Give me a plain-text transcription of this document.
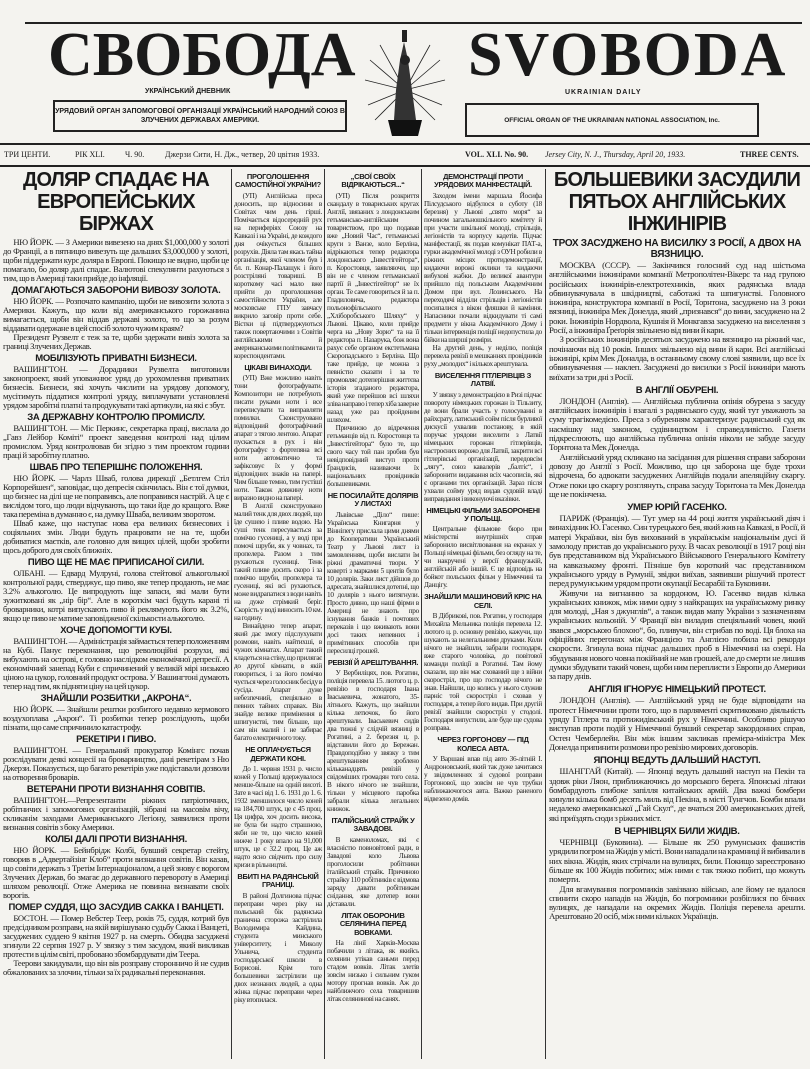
СВОБОДА
УКРАЇНСЬКИЙ ДНЕВНИК
SVOBODA
UKRAINIAN DAILY
УРЯДОВИЙ ОРГАН ЗАПОМОГОВОЇ ОРГАНІЗАЦІЇ УКРАЇНСЬКИЙ НАРОДНИЙ СОЮЗ В ЗЛУЧЕНИХ ДЕРЖАВАХ АМЕРИКИ.	OFFICIAL ORGAN OF THE UKRAINIAN NATIONAL ASSOCIATION, Inc.
ТРИ ЦЕНТИ.	РІК XLI.	Ч. 90.	Джерзи Сити, Н. Дж., четвер, 20 цвітня 1933.	VOL. XLI. No. 90. Jersey City, N. J., Thursday, April 20, 1933.	THREE CENTS.
ДОЛЯР СПАДАЄ НА ЕВРОПЕЙСЬКИХ БІРЖАХ

НЮ ЙОРК. — З Америки вивезено на днях $1,000,000 у золоті до Франції, а в пятницю вивезуть ще дальших $3,000,000 у золоті, щоби піддержати курс доляра в Европі. Покищо не видно, щоби це помагало, бо доляр далі спадає. Валютові спекулянти рахуються з тим, що в Америці таки прийде до інфляції.

ДОМАГАЮТЬСЯ ЗАБОРОНИ ВИВОЗУ ЗОЛОТА.

НЮ ЙОРК. — Розпочато кампанію, щоби не вивозити золота з Америки. Кажуть, що коли від американського горожанина вимагається, щоби він віддав державі золото, то що за розум віддавати одержане в цей спосіб золото чужим краям?

Президент Рузвелт є теж за те, щоби здержати вивіз золота за границі Злучених Держав.

МОБІЛІЗУЮТЬ ПРИВАТНІ БИЗНЕСИ.

ВАШИНГТОН. — Дорадники Рузвелта виготовили законопроект, який уповажнює уряд до урохомлення приватних бизнесів. Бизнеси, які хочуть числити на урядову допомогу, мусітимуть піддатися контролі уряду, виплачувати установлені урядом заробітні платні та продукувати такі артикули, на які є збут.

ЗА ДЕРЖАВНУ КОНТРОЛЮ ПРОМИСЛУ.

ВАШИНГТОН. — Міс Перкинс, секретарка праці, вислала до „Гавз Лейбор Комiтi“ проект заведення контролі над цілим промислом. Уряд контролював би згідно з тим проектом години праці й заробітну платню.

ШВАБ ПРО ТЕПЕРІШНЄ ПОЛОЖЕННЯ.

НЮ ЙОРК. — Чарлз Шваб, голова дирекції „Бетлгем Стіл Корпорейшен“, заповідає, що депресія скінчилась. Він є тої думки, що бизнес на ділі ще не поправивсь, але поправився настрій. А це є вислідом того, що люди відчувають, що таки йде до кращого. Вже така переміна в думанню є, на думку Шваба, великим зворотом.

Шваб каже, що наступає нова ера великих бизнесових і соціяльних змін. Люди будуть працювати не на те, щоби добиватися маєтків, але головно для вищих цілей, щоби зробити щось доброго для своїх ближніх.

ПИВО ЩЕ НЕ МАЄ ПРИПИСАНОЇ СИЛИ.

ОЛБАНІ. — Едвард Мулруні, голова стейтової алькогольної контрольної ради, стверджує, що пиво, яке тепер продають, не має 3.2% алькоголю. Це випродують іще запаси, які мали бути зужитковані як „нір бір“. Але в короткім часі будуть карані ті броварники, котрі випускають пиво й реклямують його як 3.2%, якщо це пиво не матиме заповідженої скількости алькоголю.

ХОЧЕ ДОПОМОГТИ КУБІ.

ВАШИНГТОН. — Адміністрація займається тепер положенням на Кубі. Панує переконання, що революційні розрухи, які вибухають на острові, є головно наслідком економічної депресії. А економічний занепад Куби є спричинений у великій мірі низькою ціною на цукор, головний продукт острова. У Вашингтоні думають тепер над тим, як підняти ціну на цей цукор.

ЗНАЙШЛИ РОЗБИТКИ „АКРОНА“.

НЮ ЙОРК. — Знайшли рештки розбитого недавно кермового воздухоплава „Акрон“. Ті розбитки тепер розслідують, щоби пізнати, що саме спричинило катастрофу.

РЕКЕТІРИ І ПИВО.

ВАШИНГТОН. — Генеральний прокуратор Комінгс почав розслідувати деякі концесії на броварництво, дані рекетірам з Ню Джерзи. Показується, що багато рекетірів уже подіставали дозволи на отворення броварів.

ВЕТЕРАНИ ПРОТИ ВИЗНАННЯ СОВІТІВ.

ВАШИНГТОН.—Репрезентанти ріжних патріотичних, робітничих і запомогових організацій, зібрані на масовім вічу, скликанім заходами Американського Легіону, заявилися проти визнання совітів з боку Америки.

КОЛБІ ДАЛІ ПРОТИ ВИЗНАННЯ.

НЮ ЙОРК. — Бейнбрідж Колбі, бувший секретар стейту, говорив в „Адвертайзінг Клоб“ проти визнання совітів. Він казав, що совіти держать з Третім Інтернаціоналом, а цей знову є ворогом Злучених Держав, бо змагає до державного перевороту в Америці шляхом революції. Отже Америка не повинна визнавати своїх ворогів.

ПОМЕР СУДДЯ, ЩО ЗАСУДИВ САККА І ВАНЦЕТІ.

БОСТОН. — Помер Вебстер Теер, років 75, суддя, котрий був предсідником розправи, на якій вирішувано судьбу Сакка і Ванцеті, засуджених суддею 9 квітня 1927 р. на смерть. Обидва засуджені згинули 22 серпня 1927 р. У звязку з тим засудом, який викликав протести в цілім світі, пробовано збомбардувати дім Теера.

Теерови закидували, що він вів розправу сторонничо й не судив обжалованих за злочин, тільки за їх радикальні переконання.

ПРОГОЛОШЕННЯ САМОСТІЙНОЇ УКРАЇНИ?

(УП) Англійська преса доносить, що відносини в Совітах чим день гірші. Помічається відосередній рух на периферіях Союзу на Кавказі і на Україні, де кождого дня очікується більших розрухів. Діяла там якась тайна організація, якої членом був і бл. п. Конар-Палащук і його розстріляні товариші. В короткому часі мало вже прийти до проголошення самостійности України, але московське ГПУ завчасу викрило заговір проти себе. Вістки ці підтверджуються також повертаючими з Совітів англійськими й американськими політиками та кореспондентами.

ЦІКАВІ ВИНАХОДИ.

(УП) Вже можливо навіть тони фотографувати. Композитори не потребують писати руками ноти і все переписувати та виправляти помилки. Сконструовано відповідний фотографічний апарат з тягою лентою. Апарат пускається в рух і він фотографує з фортепяна всі ноти автоматично та зафіксовує їх у формі відповідних знаків на папері. Чим більше темно, тим густіші ноти. Також довжину ноти виразно видно на папері.

В Англії сконструовано малий тенк для двох людей, що їде сушею і пливе водою. На суші тенк пересувається за помічю гусениці, а у воді при помочі шруби, як у човнах, та пропелера. Разом з тим рухаються гусениці. Тенк такий пливе досить скоро і за помічю шруби, пропелера та гусениці, які всі рухаються, може видрапатися з води навіть на дуже стрімкий беріг. Скорість у воді виносить 10 км. на годину.

Винайдено тепер апарат, який дає змогу підслухувати розмови, навіть найтихші, в чужих кімнатах. Апарат такий кладеться на стіну, що прилягає до другої кімнати, в якій говориться, і за його помічю чується через голосник бесіду в сусіда. Апарат дуже небезпечний, спеціяльно в певних тайних справах. Він знайде велике примінення в шпигунстві, тим більше, що сам він малий і не забирає багато електричного току.

НЕ ОПЛАЧУЄТЬСЯ ДЕРЖАТИ КОНІ.

До 1. червня 1931 р. число коней у Польщі вдержувалося менше-більше на одній висоті. Зате в часі від 1. 6. 1931 до 1. 6. 1932 зменшилося число коней на 184,700 штук, це є 45 проц. Ця цифра, хоч досить висока, не була би надто страшною, якби не те, що число коней нижче 1 року впало на 91,000 штук, це є 32.2 проц. Це аж надто ясно свідчить про силу кризи в рільництві.

ВБИТІ НА РАДЯНСЬКІЙ ГРАНИЦІ.

В районі Долгинова підчас переправи через ріку на польський бік радянська гранична сторожа застрілила Володимира Кайдина, студента минського університету, і Миколу Ульнича, студента господарської школи в Борисові. Крім того большевики застрілили ще двох незнаних людей, а одна жінка підчас переправи через ріку втопилася.

„СВОЇ СВОЇХ ВІДРІКАЮТЬСЯ...“

(УП) Після розкриття скандалу в товариських кругах Англії, звязаних з лондонським гетьмансько-англійським товариством, про що подавав вже „Новий Час“, гетьманські круги з Ванзе, коло Берліна, відрікаються тепер редактора лондонського „Інвестігейтора“, п. Коростовця, заявляючи, що він не є членом гетьманської партії й „Інвестігейтор“ не їх орган. Те саме говориться й за п. Гладиловича, редактора польонофільського „Хліборобського Шляху“ у Львові. Цікаво, коли прийде черга на „Нову Зорю“ та на її редактора п. Назарука, бож вона рахує себе органом екстетьмана Скоропадського з Берліна. Що таке прийде, це можна з певністю сказати і за те промовляє дотеперішня життєва історія згаданого редактора, який уже перейшов всі шляхи зліва направо і тепер хіба заверне назад уже раз пройденим шляхом.

Причиною до відречення гетьманців від п. Коростовця та „Інвестігейтора“ було те, що свого часу той пан зробив був невідповідний виступ проти Ґрaндисів, називаючи їх національних провідників большевиками.

НЕ ПОСИЛАЙТЕ ДОЛЯРІВ У ЛИСТАХ!

Львівське „Діло“ пише: Українська Книгарня у Вінніпегу прислала цими днями до Кооперативи Український Театр у Львові лист із замовленням, щоби вислати їм ріжні драматичні твори. У коверті з марками 5 центів було 10 долярів. Заки лист дійшов до адресата, знайшлися дотепні, що 10 долярів з нього витягнули. Просто дивно, що наші фірми в Америці не знають про існування банків і почтових переказів і що вживають вони досі таких непевних і примітивних способів при пересилці грошей.

РЕВІЗІЇ Й АРЕШТУВАННЯ.

У Вербиліцях, пов. Рогатин, поліція перевела 15. лютого ц. р. ревізію в господаря Івана Іваськевича, жонатого, 35-літнього. Кажуть, що знайшли кілька летючок, бо його арештували. Іваськевич сидів два тижні у слідчій вязниці в Рогатині, а 2. березня ц. р. відставили його до Бережан. Правдоподібно у звязку з тим арештуванням зроблено кільканадцять ревізій у свідоміших громадян того села. В нікого нічого не знайшли, тільки у місцевого паробка забрали кілька легальних книжок.

ІТАЛІЙСЬКИЙ СТРАЙК У ЗАВАДОВІ.

В каменоломах, які є власністю повновітової ради, в Завадові коло Львова проголосили робітники італійський страйк. Причиною страйку 110 робітників є відмова заряду давати робітникам снідання, яке дотепер вони діставали.

ЛІТАК ОБОРОНИВ СЕЛЯНИНА ПЕРЕД ВОВКАМИ.

На лінії Харків-Москва побачили з літака, як якийсь селянин утікав саньми перед стадом вовків. Літак злетів зовсім низько і сильним гуком мотору прогнав вовків. Аж до найближчого села товаришив літак селянинові на санях.

ДЕМОНСТРАЦІЇ ПРОТИ УРЯДОВИХ МАНІФЕСТАЦІЙ.

Заходом імени маршала Йосифа Пілсудського відбулося в суботу (18 березня) у Львові „свято моря“ за почином загальношкільного комітету й при участи шкільної молоді, стрільців, легіоністів та корпусу кадетів. Підчас манiфестації, як подав комунікат ПАТ-а, гурки академічної молоді з ОУН робили в ріжних місцях протидемонстрації, кидаючи ворожі оклики та кидаючи вибухові жабки. До великої авантури прийшло під польським Академічним Домом при вул. Лозинського. На переходячі відділи стрільців і легіоністів посипалися з вікон фляшки й каміння. Напасники почали відкидувати ті самі предмети у вікна Академічного Дому і тільки інтервенція поліції недопустила до бійки на ширші розміри.

На другий день, у неділю, поліція перевела ревізії в мешканнях провідників руху „молодих“ і кількох арештувала.

ВИСЕЛЕННЯ ГІТЛЕРІВЦІВ З ЛАТВІЇ.

У звязку з демонстрацією в Ризі підчас повороту німецьких горожан із Тільзиту, де вони брали участь у голосуванні в райхсрату, латиський сойм після бурливої дискусії ухвалив постанову, в якій поручає урядови виселити з Латвії німецьких горожан гітлерівців, настроєних ворожо для Латвії, закрити всі гітлерівські організації, передовсім „лягу“, союз кавалерів „балтіс“, і заборонити видавання всіх часописів, які є органами тих організацій. Зараз після ухвали сойму уряд видав судовій владі виправдання і виконуючі вказівки.

НІМЕЦЬКІ ФІЛЬМИ ЗАБОРОНЕНІ У ПОЛЬЩІ.

Центральне фільмове бюро при міністерстві внутрішніх справ заборонило висвітлювання на екранах у Польщі німецькі фільми, без огляду на те, чи накручені у версії французькій, англійській або іншій. Є це відповідь на бойкот польських фільм у Німеччині та Данцігу.

ЗНАЙШЛИ МАШИНОВИЙ КРІС НА СЕЛІ.

В Дібрикові, пов. Рогатин, у господаря Михайла Мельника поліція перевела 12. лютого ц. р. основну ревізію, кажучи, що шукають за нелегальними друками. Коли нічого не знайшли, забрали господаря, вже старого чоловіка, до повітової команди поліції в Рогатині. Там йому сказали, що він має схований ще з війни скоростріл, про що господар нічого не знав. Найшли, що колись у нього служив парніс той скоростріл і сховав у господаря, а тепер його видав. При другій ревізії знайшли скоростріл у стодолі. Господаря випустили, але буде ще судова розправа.

ЧЕРЕЗ ГОРГОНОВУ — ПІД КОЛЕСА АВТА.

У Варшаві впав під авто 36-літній І. Андроновський, який так дуже зачитався у звідомленнях зі судової розправи Горгонової, що зовсім не чув трубки наближаючогося авта. Важко раненого відвезено домів.

БОЛЬШЕВИКИ ЗАСУДИЛИ ПЯТЬОХ АНГЛІЙСЬКИХ ІНЖИНІРІВ
ТРОХ ЗАСУДЖЕНО НА ВИСИЛКУ З РОСІЇ, А ДВОХ НА ВЯЗНИЦЮ.

МОСКВА (СССР). — Закінчився голосний суд над шістьома англійськими інжинірами компанії Метрополітен-Вікерс та над групою російських інжинірів-електротехників, яких радянська влада обвинувачувала в шкідництві, саботажі та шпигунстві. Головного інжиніра, конструктора компанії в Росії, Торнтона, засуджено на 3 роки вязниці, інжиніра Мек Донелда, який „признався“ до вини, засуджено на 2 роки. Інжинірів Нордвола, Кушнія й Монкгавза засуджено на виселення з Росії, а інжиніра Ґреґорія звільнено від вини й кари.

З російських інжинірів десятьох засуджено на вязницю на ріжний час, почінаючи від 10 років. Інших звільнено від вини й кари. Всі англійські інжинірі, крім Мек Доналда, в останньому свому слові заявили, що все їх обвинувачення — наклеп. Засуджені до висилки з Росії інжиніри мають виїхати за три дні з Росії.

В АНГЛІЇ ОБУРЕНІ.

ЛОНДОН (Англія). — Англійська публична опінія обурена з засуду англійських інжинірів і взагалі з радянського суду, який тут уважають за суму трагікомедією. Преса з обуренням характеризує радянський суд як насмішку над законом, судівництвом і справедливістю. Газети підкреслюють, що англійська публична опінія ніколи не забуде засуду Торнтона та Мек Донелда.

Англійський уряд скликано на засідання для рішення справи заборони довозу до Англії з Росії. Можливо, що ця заборона ще буде трохи відрочена, бо адвокати засуджених Англійців подали апеляційну скаргу. Отже поки цю скаргу розглянуть, справа засуду Торнтона та Мек Донелда ще не покінчена.

УМЕР ЮРІЙ ГАСЕНКО.

ПАРИЖ (Франція). — Тут умер на 44 році життя український діяч і винахідник Ю. Гасенко. Син турецького бея, який жив на Кавказі, в Росії, й матері Українки, він був вихований в українськім національнім дусі й замолоду пристав до українського руху. В часах революції в 1917 році він був представником від Українського Військового Генерального Комітету на кавказькому фронті. Пізніше був короткий час представником українського уряду в Румунії, звідки виїхав, заявивши рішучий протест перед румунським урядом проти окупації Бесарабії та Буковини.

Живучи на вигнанню за кордоном, Ю. Гасенко видав кілька українських книжок, між ними одну з найкращих на українському ринку для молоді, „Ная з джунглів“, а також видав мапу України з зазначенням українських кольоній. У Франції він виладив спеціяльний човен, який звався „морською блохою“, бо, пливучи, він стрибав по воді. Ця блоха на офіційних перегонах між Францією та Англією побила всі рекорди скорости. Згинула вона підчас дальших проб в Німеччині на озері. На збудування нового човна покійний не мав грошей, але до смерти не лишив думки збудувати такий човен, щоби ним переплисти з Европи до Америки за пару днів.

АНГЛІЯ ІГНОРУЄ НІМЕЦЬКИЙ ПРОТЕСТ.

ЛОНДОН (Англія). — Англійський уряд не буде відповідати на протест Німеччини проти того, що в парляменті скритиковано діяльність уряду Гітлера та протижидівський рух у Німеччині. Особливо рішучо виступав проти подій у Німеччині бувший секретар закордонних справ, Остен Чемберлейн. Він між іншим закликав премієра-міністра Мек Донелда припинити розмови про ревізію мирових договорів.

ЯПОНЦІ ВЕДУТЬ ДАЛЬШИЙ НАСТУП.

ШАНГГАЙ (Китай). — Японці ведуть дальший наступ на Пекін та здовж ріки Ляон, приближаючись до морського берега. Японські літаки бомбардують глибоке запілля китайських армій. Два важкі бомбери кинули кілька бомб десять миль від Пекіна, в місті Тунгчов. Бомби впали недалеко американської „Гай Скул“, де вчаться 200 американських дітей, які приїздять сюди з ріжних міст.

В ЧЕРНІВЦЯХ БИЛИ ЖИДІВ.

ЧЕРНІВЦІ (Буковина). — Більше як 250 румунських фашистів урядили погром на Жидів у місті. Вони нападали на крамниці й вибивали в них вікна. Жидів, яких стрічали на вулицях, били. Покищо зареєстровано більше як 100 Жидів побитих; між ними є так тяжко побиті, що можуть померти.

Для вгамування погромників завізвано військо, але йому не вдалося спинити скоро нападів на Жидів, бо погромники розбіглися по бічних вулицях, де нападали на окремих Жидів. Поліція перевела арешти. Арештовано 20 осіб, між ними кількох Українців.
